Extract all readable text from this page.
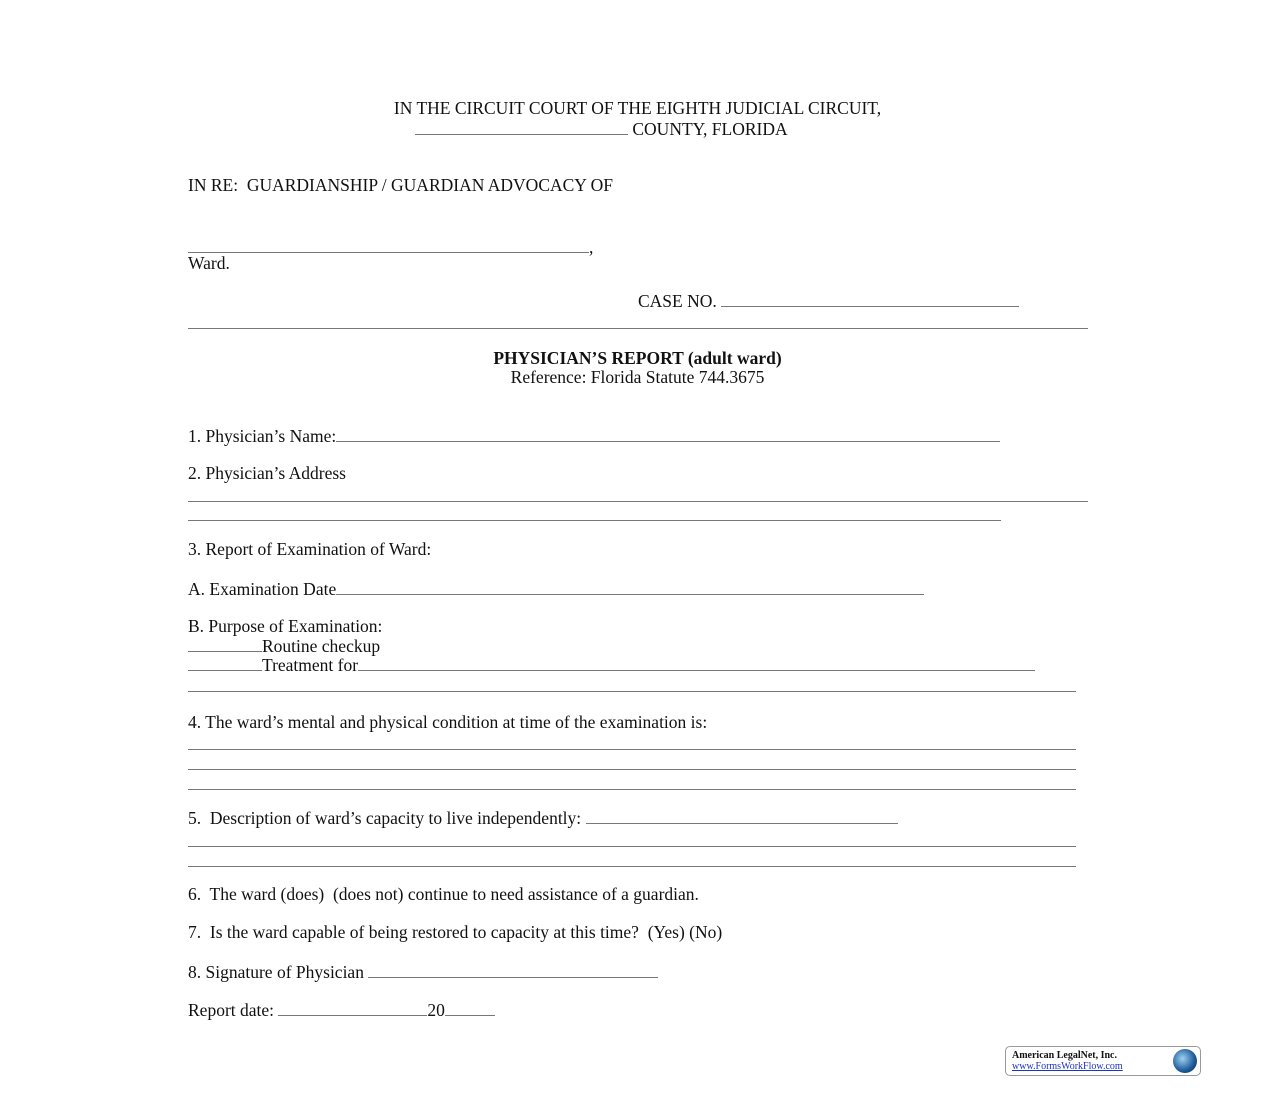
IN THE CIRCUIT COURT OF THE EIGHTH JUDICIAL CIRCUIT,
COUNTY, FLORIDA
IN RE:  GUARDIANSHIP / GUARDIAN ADVOCACY OF
,
Ward.
CASE NO.
PHYSICIAN’S REPORT (adult ward)
Reference: Florida Statute 744.3675
1. Physician’s Name:
2. Physician’s Address
3. Report of Examination of Ward:
A. Examination Date
B. Purpose of Examination:
Routine checkup
Treatment for
4. The ward’s mental and physical condition at time of the examination is:
5.  Description of ward’s capacity to live independently:
6.  The ward (does)  (does not) continue to need assistance of a guardian.
7.  Is the ward capable of being restored to capacity at this time?  (Yes) (No)
8. Signature of Physician
Report date:	20
American LegalNet, Inc.
www.FormsWorkFlow.com
